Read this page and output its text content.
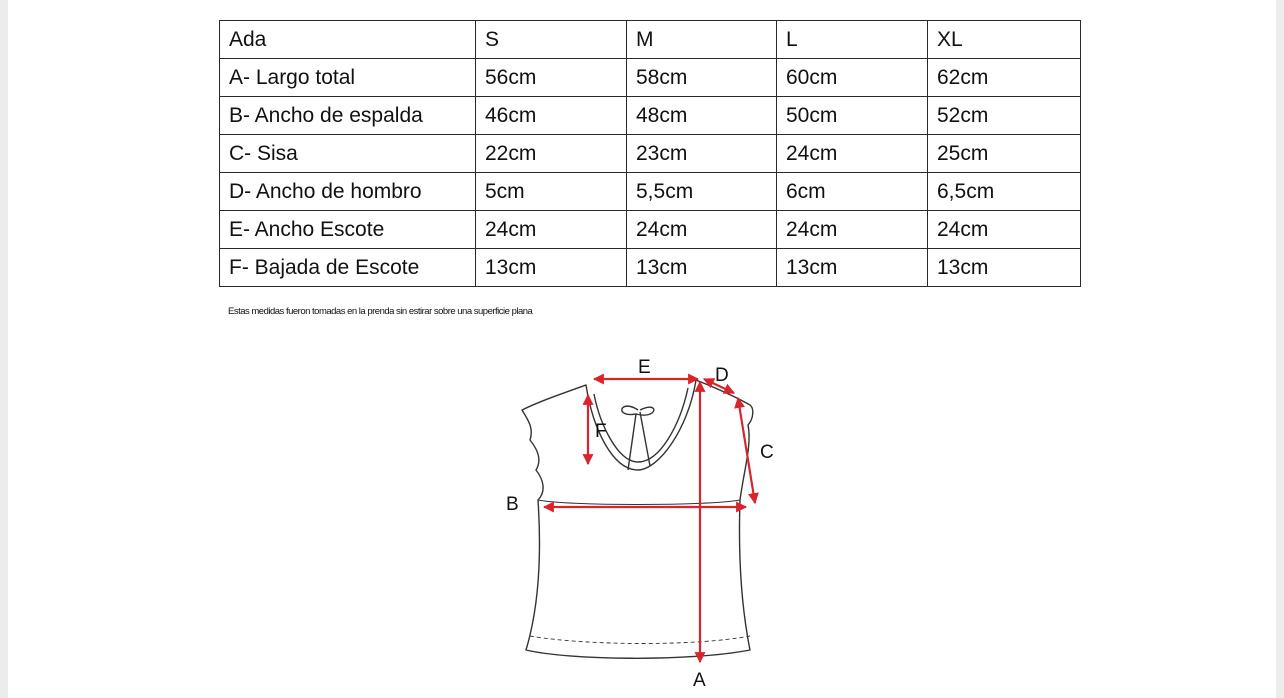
Ada	S	M	L	XL
A- Largo total	56cm	58cm	60cm	62cm
B- Ancho de espalda	46cm	48cm	50cm	52cm
C- Sisa	22cm	23cm	24cm	25cm
D- Ancho de hombro	5cm	5,5cm	6cm	6,5cm
E- Ancho Escote	24cm	24cm	24cm	24cm
F- Bajada de Escote	13cm	13cm	13cm	13cm
Estas medidas fueron tomadas en la prenda sin estirar sobre una superficie plana
E	D
F
C
B
A
